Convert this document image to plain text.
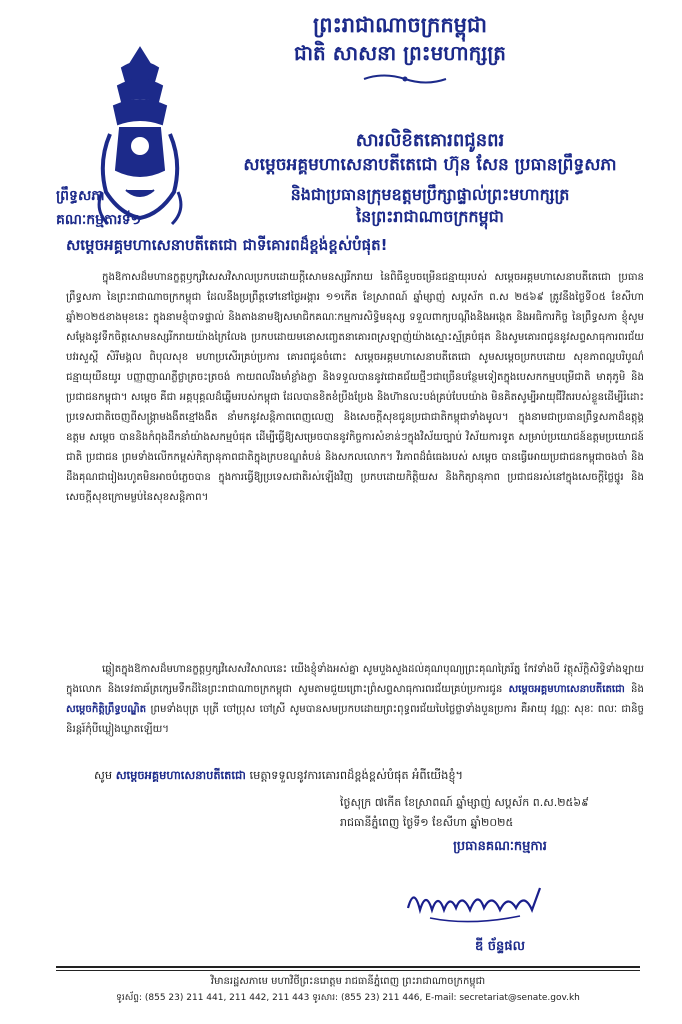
ព្រះរាជាណាចក្រកម្ពុជា
ជាតិ សាសនា ព្រះមហាក្សត្រ
សារលិខិតគោរពជូនពរ
សម្ដេចអគ្គមហាសេនាបតីតេជោ ហ៊ុន សែន ប្រធានព្រឹទ្ធសភា
និងជាប្រធានក្រុមឧត្ដមប្រឹក្សាផ្ទាល់ព្រះមហាក្សត្រ
នៃព្រះរាជាណាចក្រកម្ពុជា
ព្រឹទ្ធសភា
គណៈកម្មការទី១
សម្ដេចអគ្គមហាសេនាបតីតេជោ ជាទីគោរពដ៏ខ្ពង់ខ្ពស់បំផុត!
ក្នុងឱកាសដ៏មហានក្ខត្តឫក្សវិសេសវិសាលប្រកបដោយក្ដីសោមនស្សរីករាយ នៃពិធីខួបចម្រើនជន្មាយុរបស់ សម្ដេចអគ្គមហាសេនាបតីតេជោ ប្រធានព្រឹទ្ធសភា នៃព្រះរាជាណាចក្រកម្ពុជា ដែលនឹងប្រព្រឹត្តទៅនៅថ្ងៃអង្គារ ១១កើត ខែស្រាពណ៍ ឆ្នាំម្សាញ់ សប្តស័ក ព.ស ២៥៦៩ ត្រូវនឹងថ្ងៃទី០៥ ខែសីហា ឆ្នាំ២០២៥ខាងមុខនេះ ក្នុងនាមខ្ញុំបាទផ្ទាល់ និងតាងនាមឱ្យសមាជិកគណៈកម្មការសិទ្ធិមនុស្ស ទទួលពាក្យបណ្ដឹងនិងអង្កេត និងអធិការកិច្ច នៃព្រឹទ្ធសភា ខ្ញុំសូមសម្ដែងនូវទឹកចិត្តសោមនស្សរីករាយយ៉ាងក្រៃលែង ប្រកបដោយមនោសញ្ចេតនាគោរពស្រឡាញ់យ៉ាងស្មោះស្ម័គ្របំផុត និងសូមគោរពជូននូវសព្ទសាធុការពរជ័យ បវរសួស្តី សិរីមង្គល ពិបុលសុខ មហាប្រសើរគ្រប់ប្រការ គោរពជូនចំពោះ សម្ដេចអគ្គមហាសេនាបតីតេជោ សូមសម្ដេចប្រកបដោយ សុខភាពល្អបរិបូណ៌ ជន្មាយុយឺនយូរ បញ្ញាញាណភ្លឺថ្លាត្រចះត្រចង់ កាយពលរឹងមាំខ្លាំងក្លា និងទទួលបាននូវជោគជ័យថ្មីៗជាច្រើនបន្ថែមទៀតក្នុងបេសកកម្មបម្រើជាតិ មាតុភូមិ និងប្រជាជនកម្ពុជា។ សម្ដេច គឺជា អគ្គបុគ្គលដ៏ឆ្នើមរបស់កម្ពុជា ដែលបានខិតខំប្រឹងប្រែង និងហ៊ានលះបង់គ្រប់បែបយ៉ាង មិនគិតសូម្បីអាយុជីវិតរបស់ខ្លួនដើម្បីរំដោះប្រទេសជាតិចេញពីសង្គ្រាមងងឹតខ្មៅងងឹត នាំមកនូវសន្តិភាពពេញលេញ និងសេចក្ដីសុខជូនប្រជាជាតិកម្ពុជាទាំងមូល។ ក្នុងនាមជាប្រធានព្រឹទ្ធសភាដ៏ឧត្ដុង្គឧត្ដម សម្ដេច បាននិងកំពុងដឹកនាំយ៉ាងសកម្មបំផុត ដើម្បីធ្វើឱ្យសម្រេចបាននូវកិច្ចការសំខាន់ៗក្នុងវិស័យច្បាប់ វិស័យការទូត សម្រាប់ប្រយោជន៍ឧត្ដមប្រយោជន៍ជាតិ ប្រជាជន ព្រមទាំងលើកកម្ពស់កិត្យានុភាពជាតិក្នុងក្របខណ្ឌតំបន់ និងសកលលោក។ វីរភាពដ៏ធំធេងរបស់ សម្ដេច បានធ្វើអោយប្រជាជនកម្ពុជាចងចាំ និងដឹងគុណជារៀងរហូតមិនអាចបំភ្លេចបាន ក្នុងការធ្វើឱ្យប្រទេសជាតិរស់ឡើងវិញ ប្រកបដោយកិត្តិយស និងកិត្យានុភាព ប្រជាជនរស់នៅក្នុងសេចក្ដីថ្លៃថ្នូរ និងសេចក្ដីសុខក្រោមម្លប់នៃសុខសន្តិភាព។
ឆ្លៀតក្នុងឱកាសដ៏មហានក្ខត្តឫក្សវិសេសវិសាលនេះ យើងខ្ញុំទាំងអស់គ្នា សូមបួងសួងដល់គុណបុណ្យព្រះគុណត្រៃរ័ត្ន កែវទាំងបី វត្ថុស័ក្ដិសិទ្ធិទាំងឡាយក្នុងលោក និងទេវតាឆ័ត្រក្សេមទឹកដីនៃព្រះរាជាណាចក្រកម្ពុជា សូមតាមជួយព្រោះព្រំសព្ទសាធុការពរជ័យគ្រប់ប្រការជូន សម្ដេចអគ្គមហាសេនាបតីតេជោ និង សម្ដេចកិត្តិព្រឹទ្ធបណ្ឌិត ព្រមទាំងបុត្រ បុត្រី ចៅប្រុស ចៅស្រី សូមបានសមប្រកបដោយព្រះពុទ្ធពរជ័យបៃថ្លៃថ្លាទាំងបួនប្រការ គឺអាយុ វណ្ណៈ សុខៈ ពលៈ ជានិច្ចនិរន្តរ៍កុំបីឃ្លៀងឃ្លាតឡើយ។
សូម សម្ដេចអគ្គមហាសេនាបតីតេជោ មេត្តាទទួលនូវការគោរពដ៏ខ្ពង់ខ្ពស់បំផុត អំពីយើងខ្ញុំ។
ថ្ងៃសុក្រ ៧កើត ខែស្រាពណ៍ ឆ្នាំម្សាញ់ សប្តស័ក ព.ស.២៥៦៩
រាជធានីភ្នំពេញ ថ្ងៃទី១ ខែសីហា ឆ្នាំ២០២៥
ប្រធានគណៈកម្មការ
ឌី ច័ន្ទផល
វិមានរដ្ឋសភាមេ មហាវិថីព្រះនរោត្តម រាជធានីភ្នំពេញ ព្រះរាជាណាចក្រកម្ពុជា
ទូរស័ព្ទ: (855 23) 211 441, 211 442, 211 443 ទូរសារ: (855 23) 211 446, E-mail: secretariat@senate.gov.kh
